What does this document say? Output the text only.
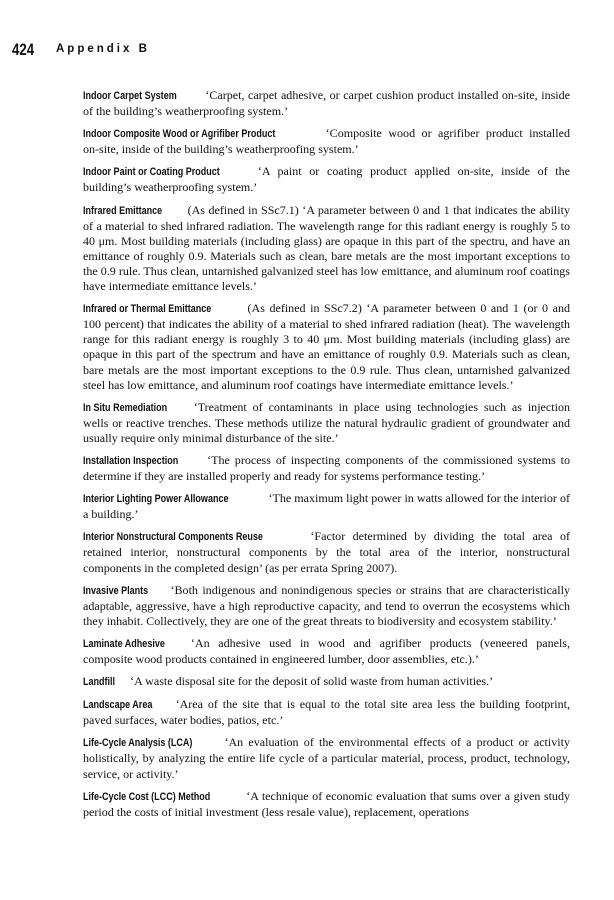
424 Appendix B

Indoor Carpet System ‘Carpet, carpet adhesive, or carpet cushion product installed on-site, inside of the building’s weatherproofing system.’

Indoor Composite Wood or Agrifiber Product	‘Composite wood or agrifiber product installed on-site, inside of the building’s weatherproofing system.’

Indoor Paint or Coating Product	‘A paint or coating product applied on-site, inside of the building’s weatherproofing system.’

Infrared Emittance (As defined in SSc7.1) ‘A parameter between 0 and 1 that indicates the ability of a material to shed infrared radiation. The wavelength range for this radiant energy is roughly 5 to 40 μm. Most building materials (including glass) are opaque in this part of the spectru, and have an emittance of roughly 0.9. Materials such as clean, bare metals are the most important exceptions to the 0.9 rule. Thus clean, untarnished galvanized steel has low emittance, and aluminum roof coatings have intermediate emittance levels.’

Infrared or Thermal Emittance	(As defined in SSc7.2) ‘A parameter between 0 and 1 (or 0 and 100 percent) that indicates the ability of a material to shed infrared radiation (heat). The wavelength range for this radiant energy is roughly 3 to 40 μm. Most building materials (including glass) are opaque in this part of the spectrum and have an emittance of roughly 0.9. Materials such as clean, bare metals are the most important exceptions to the 0.9 rule. Thus clean, untarnished galvanized steel has low emittance, and aluminum roof coatings have intermediate emittance levels.’

In Situ Remediation ‘Treatment of contaminants in place using technologies such as injection wells or reactive trenches. These methods utilize the natural hydraulic gradient of groundwater and usually require only minimal disturbance of the site.’

Installation Inspection ‘The process of inspecting components of the commissioned systems to determine if they are installed properly and ready for systems performance testing.’

Interior Lighting Power Allowance	‘The maximum light power in watts allowed for the interior of a building.’

Interior Nonstructural Components Reuse	‘Factor determined by dividing the total area of retained interior, nonstructural components by the total area of the interior, nonstructural components in the completed design’ (as per errata Spring 2007).

Invasive Plants ‘Both indigenous and nonindigenous species or strains that are characteristically adaptable, aggressive, have a high reproductive capacity, and tend to overrun the ecosystems which they inhabit. Collectively, they are one of the great threats to biodiversity and ecosystem stability.’

Laminate Adhesive ‘An adhesive used in wood and agrifiber products (veneered panels, composite wood products contained in engineered lumber, door assemblies, etc.).’

Landfill ‘A waste disposal site for the deposit of solid waste from human activities.’

Landscape Area ‘Area of the site that is equal to the total site area less the building footprint, paved surfaces, water bodies, patios, etc.’

Life-Cycle Analysis (LCA)	‘An evaluation of the environmental effects of a product or activity holistically, by analyzing the entire life cycle of a particular material, process, product, technology, service, or activity.’

Life-Cycle Cost (LCC) Method	‘A technique of economic evaluation that sums over a given study period the costs of initial investment (less resale value), replacement, operations
